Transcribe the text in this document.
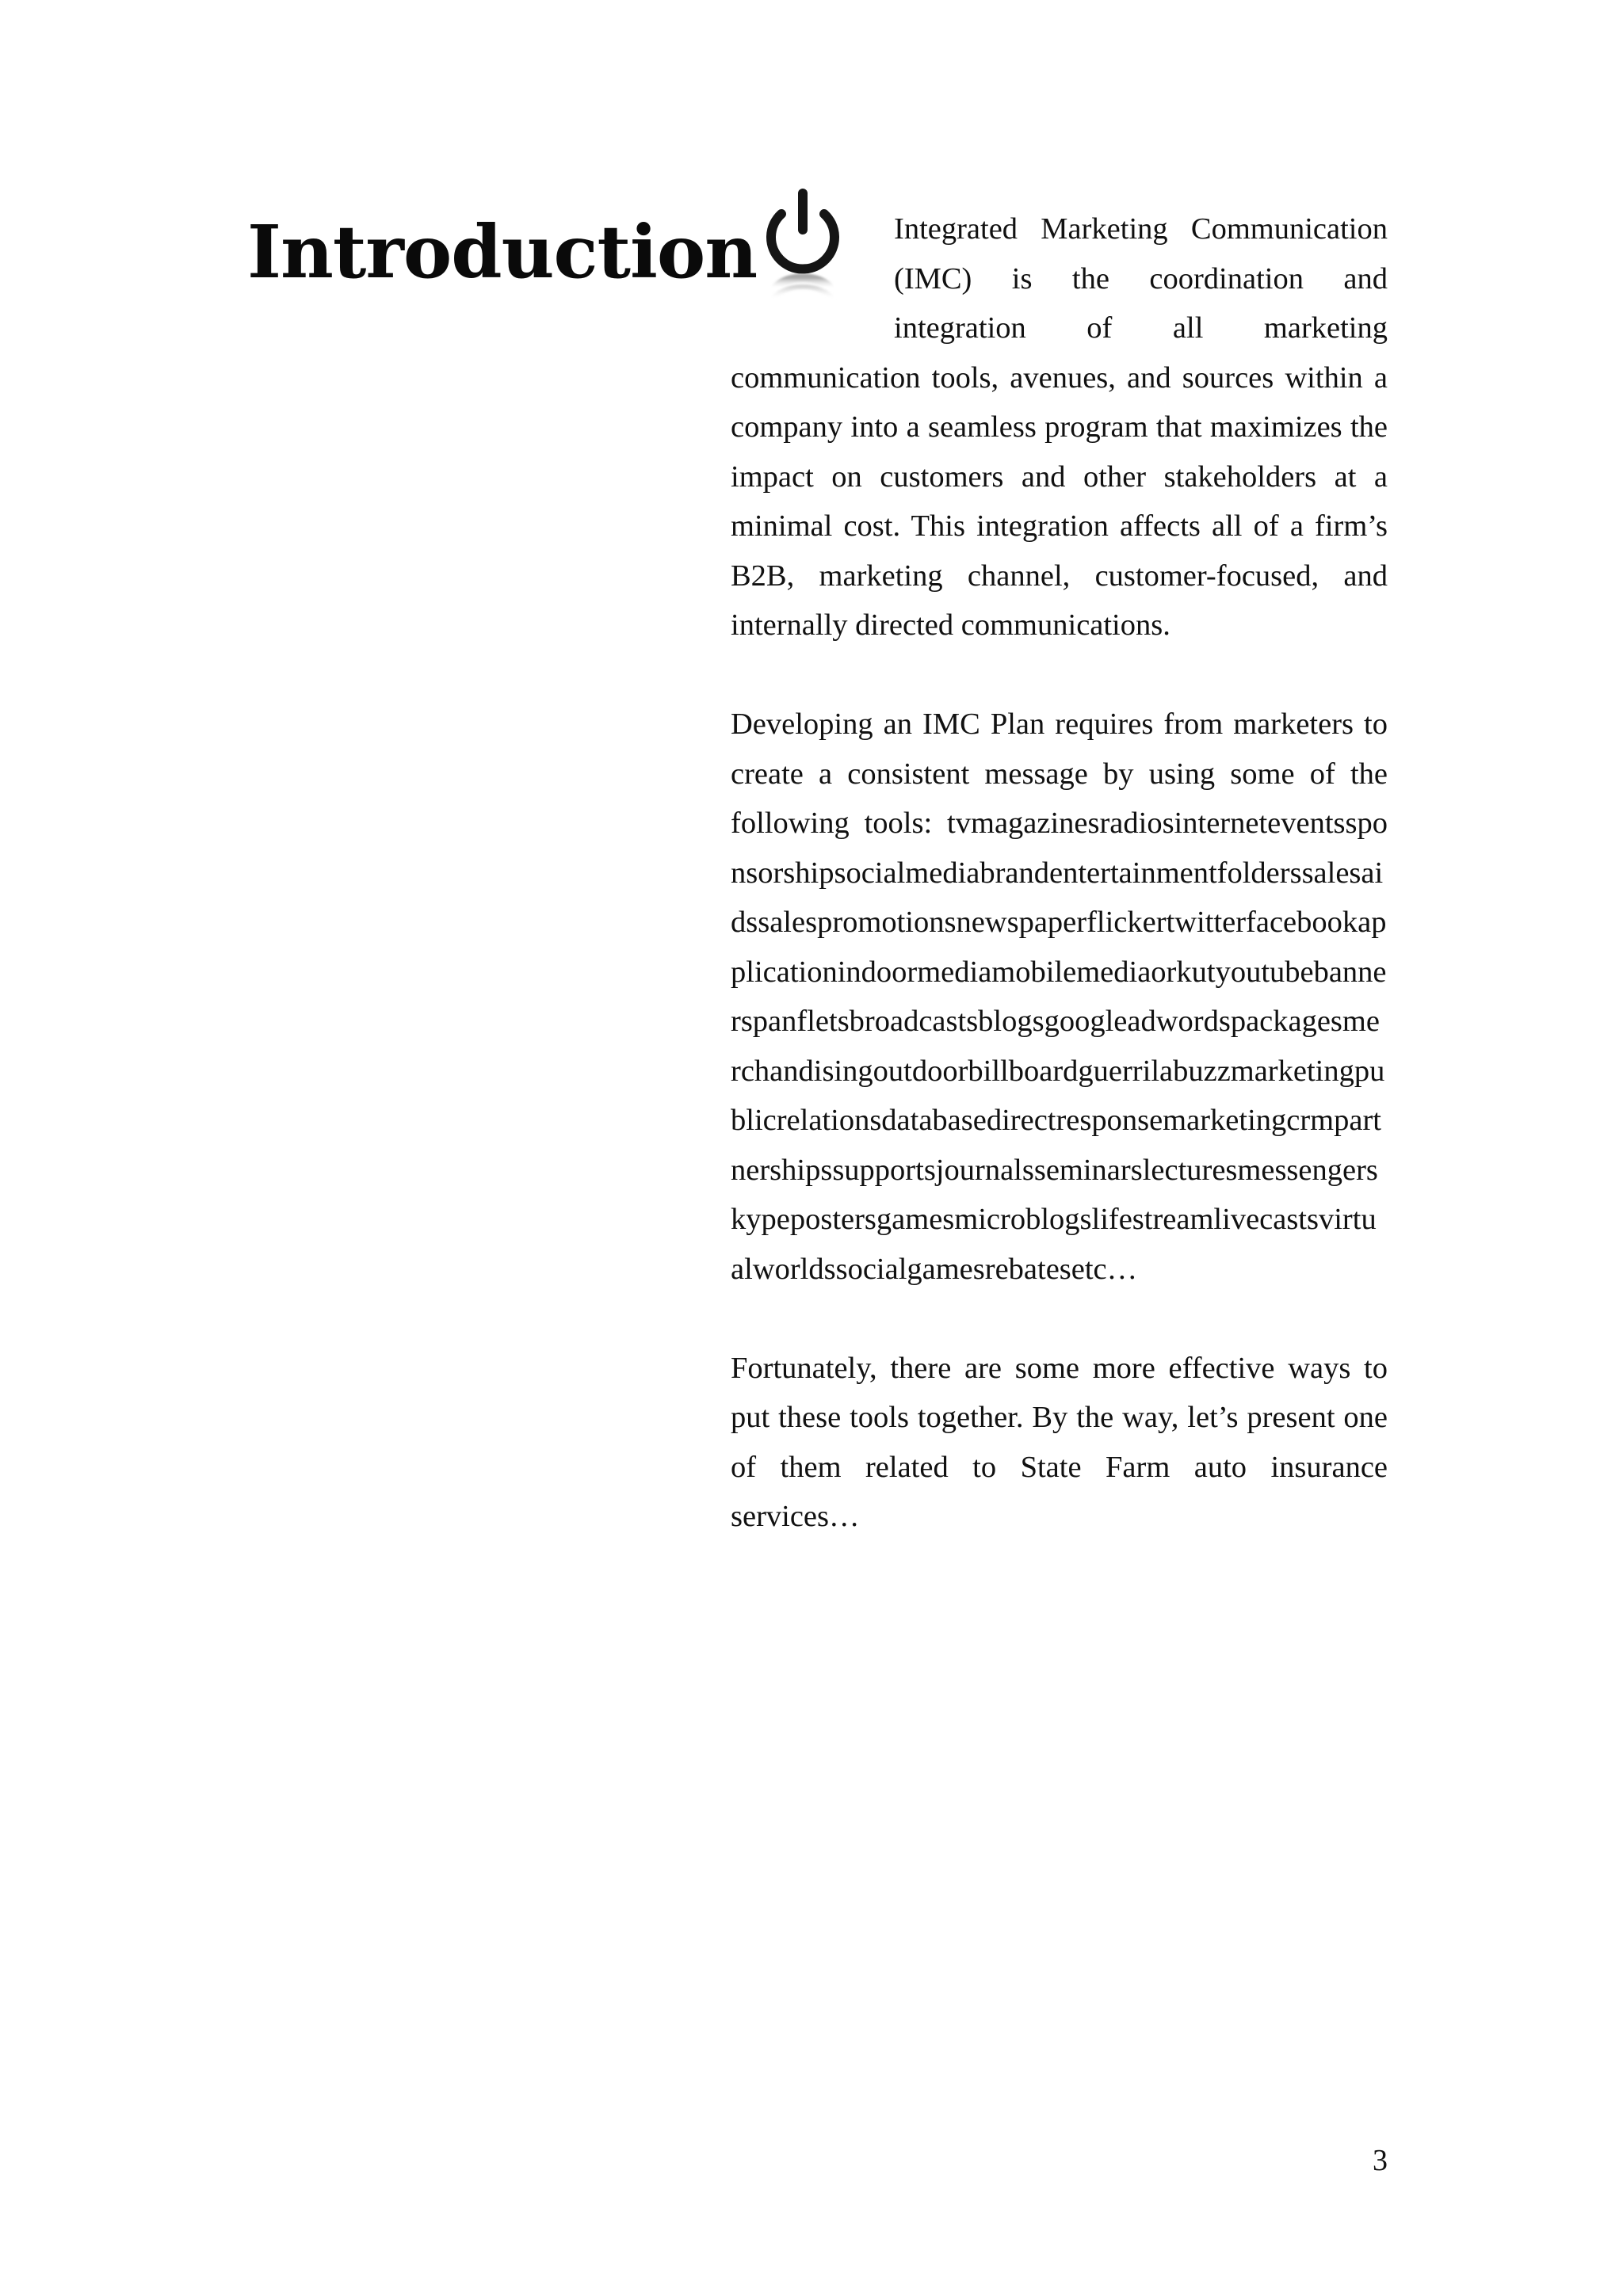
Introduction	Integrated Marketing Communication (IMC) is the coordination and integration of all marketing communication tools, avenues, and sources within a company into a seamless program that maximizes the impact on customers and other stakeholders at a minimal cost. This integration affects all of a firm’s B2B, marketing channel, customer-focused, and internally directed communications.

Developing an IMC Plan requires from marketers to create a consistent message by using some of the following tools: tvmagazinesradiosinterneteventssponsorshipsocialmediabrandentertainmentfolderssalesaidssalespromotionsnewspaperflickertwitterfacebookapplicationindoormediamobilemediaorkutyoutubebannerspanfletsbroadcastsblogsgoogleadwordspackagesmerchandisingoutdoorbillboardguerrilabuzzmarketingpublicrelationsdatabasedirectresponsemarketingcrmpartnershipssupportsjournalsseminarslecturesmessengerskypepostersgamesmicroblogslifestreamlivecastsvirtualworldssocialgamesrebatesetc…

Fortunately, there are some more effective ways to put these tools together. By the way, let’s present one of them related to State Farm auto insurance services…

3
